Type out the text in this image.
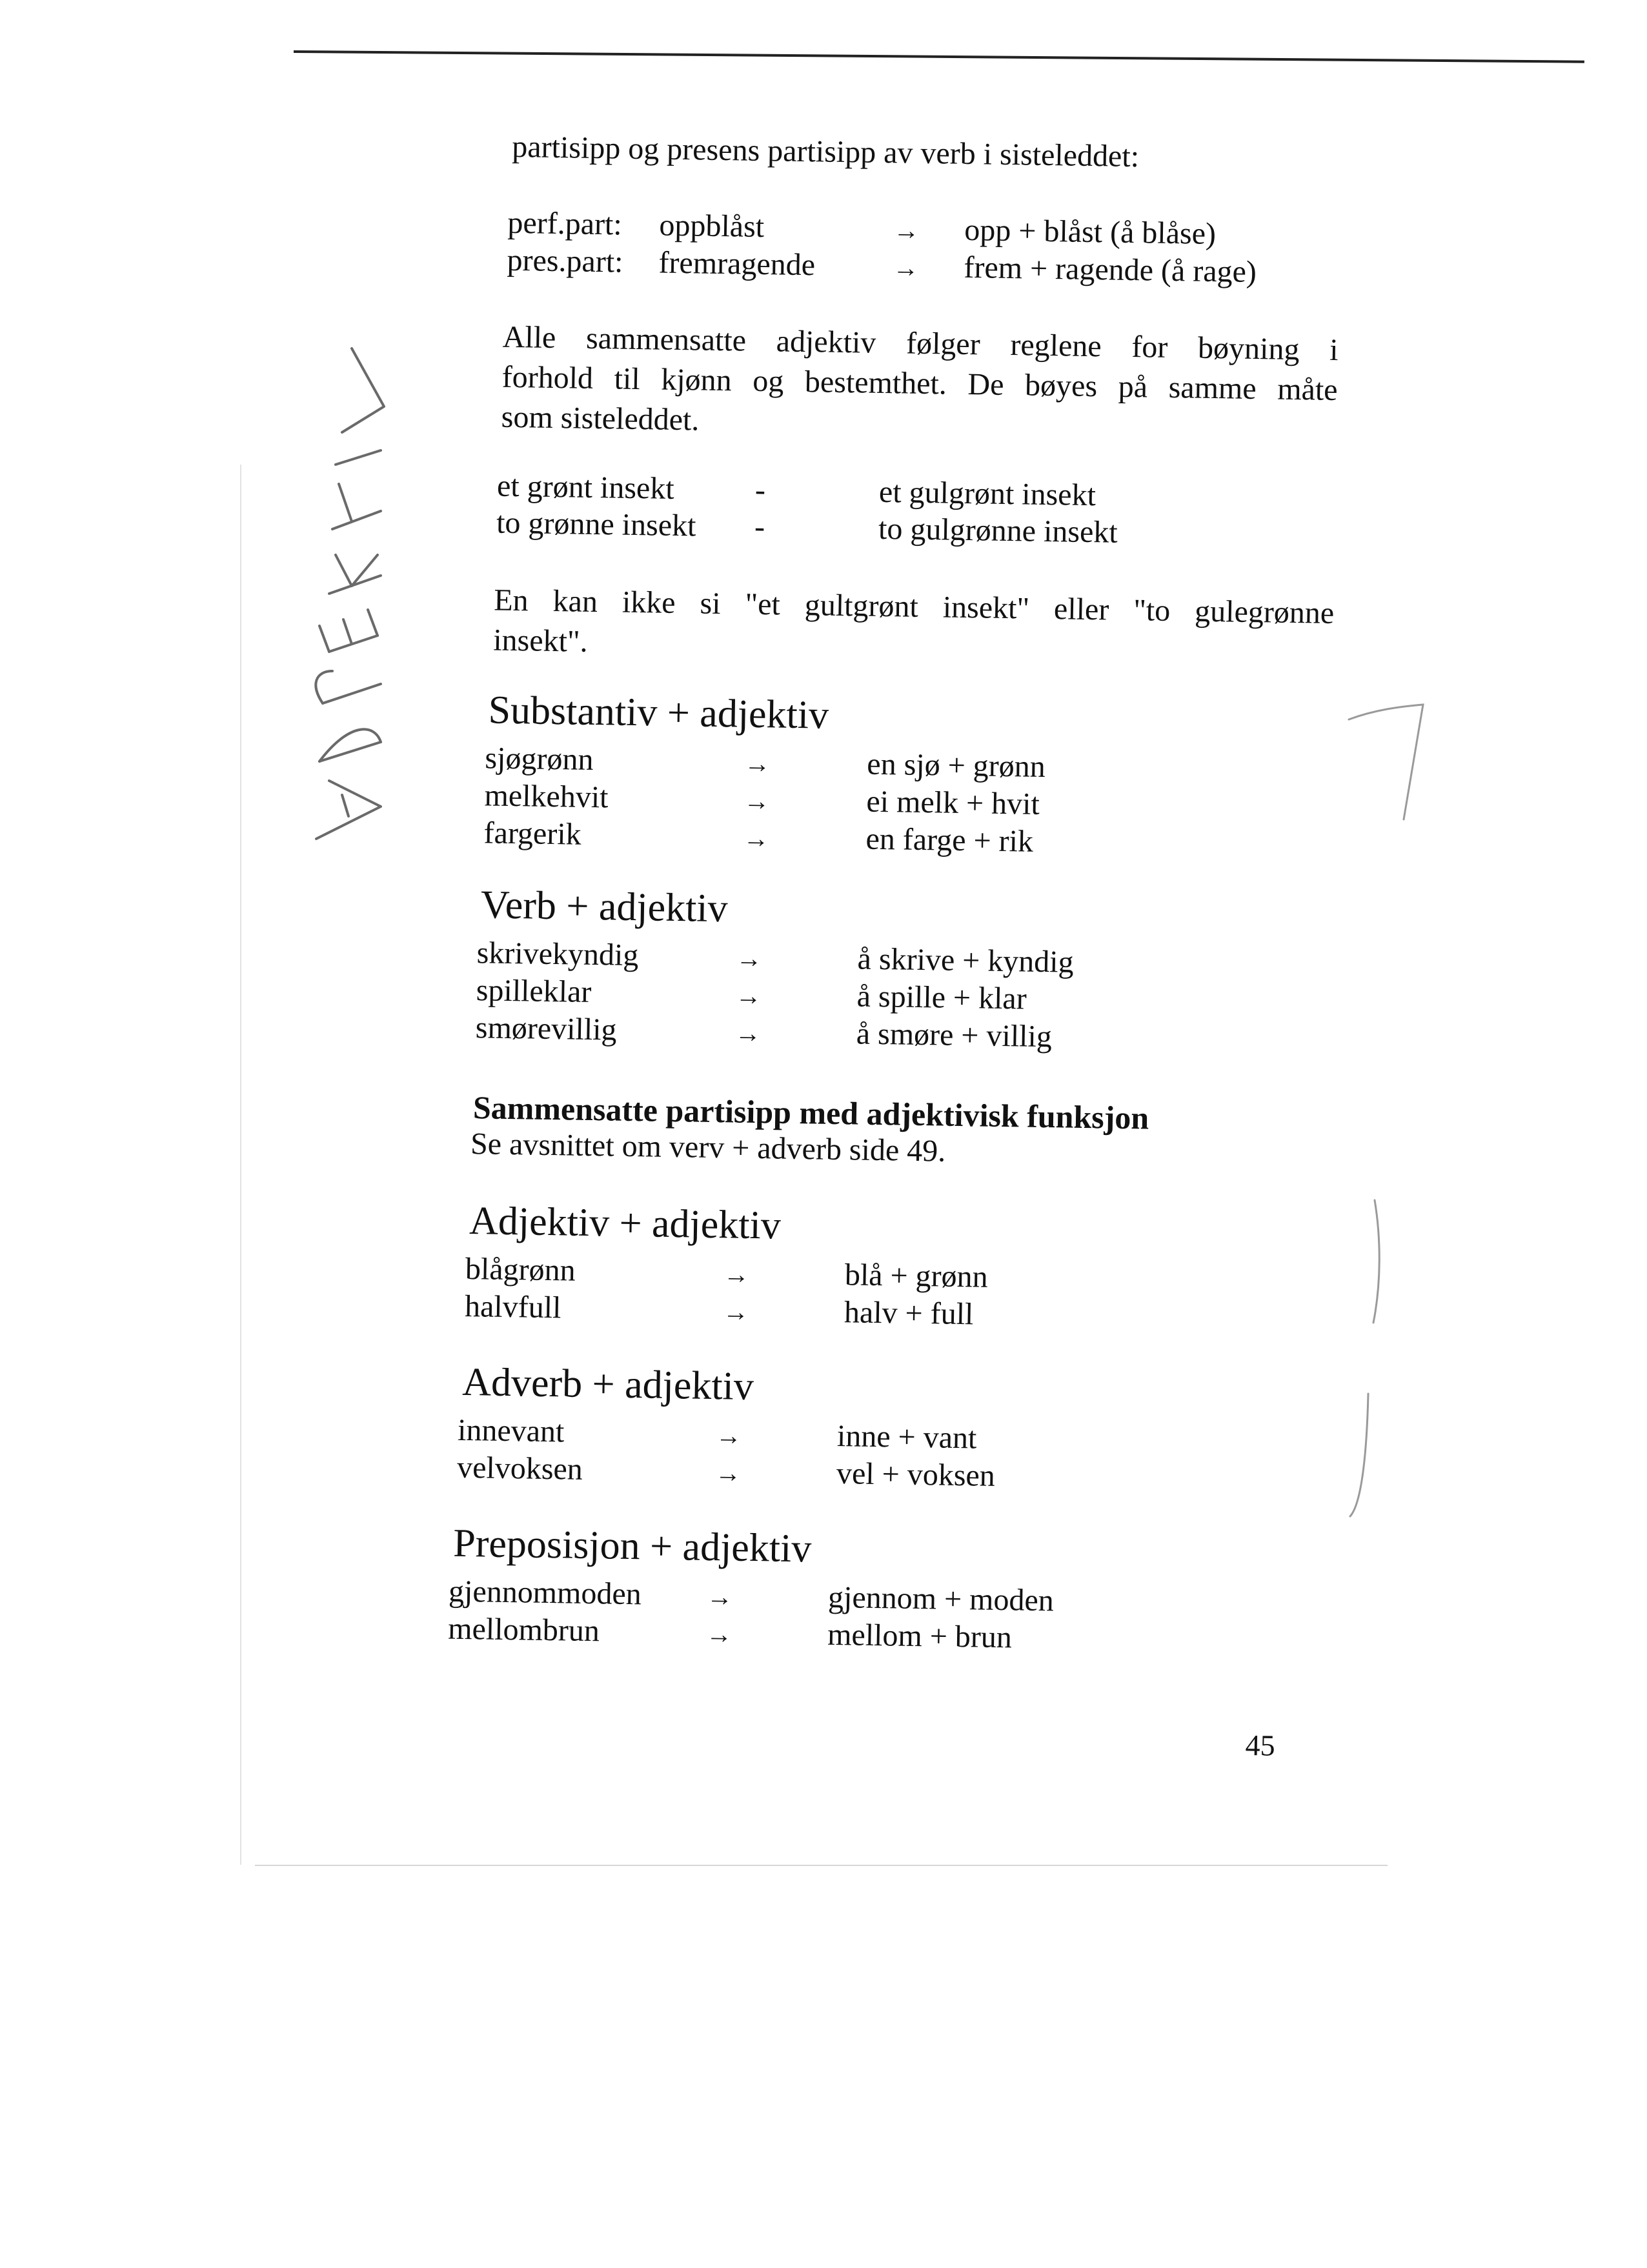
partisipp og presens partisipp av verb i sisteleddet:
perf.part: oppblåst	→ opp + blåst (å blåse)
pres.part: fremragende	→ frem + ragende (å rage)
Alle sammensatte adjektiv følger reglene for bøyning i
forhold til kjønn og bestemthet. De bøyes på samme måte
som sisteleddet.
et grønt insekt	-	et gulgrønt insekt
to grønne insekt -	to gulgrønne insekt
En kan ikke si "et gultgrønt insekt" eller "to gulegrønne
insekt".
Substantiv + adjektiv
sjøgrønn	→	en sjø + grønn
melkehvit	→	ei melk + hvit
fargerik	→	en farge + rik
Verb + adjektiv
skrivekyndig	→	å skrive + kyndig
spilleklar	→	å spille + klar
smørevillig	→	å smøre + villig
Sammensatte partisipp med adjektivisk funksjon
Se avsnittet om verv + adverb side 49.
Adjektiv + adjektiv
blågrønn	→	blå + grønn
halvfull	→	halv + full
Adverb + adjektiv
innevant	→	inne + vant
velvoksen	→	vel + voksen
Preposisjon + adjektiv
gjennommoden	→	gjennom + moden
mellombrun	→	mellom + brun
45
